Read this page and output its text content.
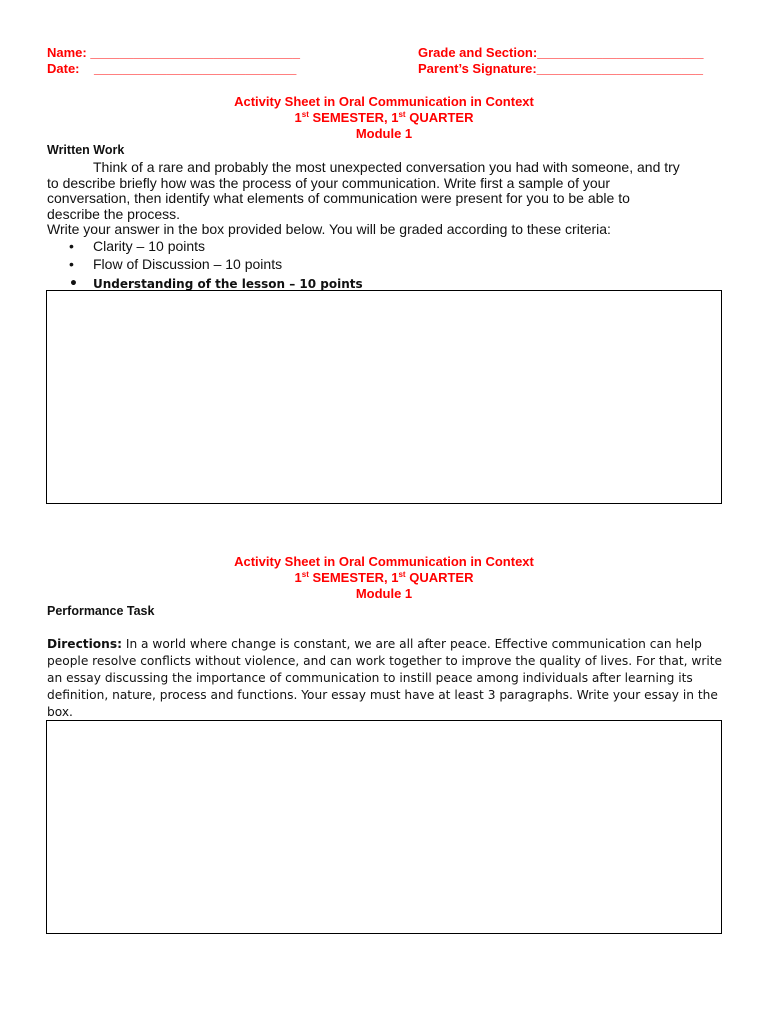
Name: _____________________________
Date:    ____________________________
Grade and Section:_______________________
Parent’s Signature:_______________________
Activity Sheet in Oral Communication in Context
1st SEMESTER, 1st QUARTER
Module 1
Written Work
Think of a rare and probably the most unexpected conversation you had with someone, and try
to describe briefly how was the process of your communication. Write first a sample of your
conversation, then identify what elements of communication were present for you to be able to
describe the process.
Write your answer in the box provided below. You will be graded according to these criteria:
• Clarity – 10 points
• Flow of Discussion – 10 points
• Understanding of the lesson – 10 points
Activity Sheet in Oral Communication in Context
1st SEMESTER, 1st QUARTER
Module 1
Performance Task
Directions: In a world where change is constant, we are all after peace. Effective communication can help
people resolve conflicts without violence, and can work together to improve the quality of lives. For that, write
an essay discussing the importance of communication to instill peace among individuals after learning its
definition, nature, process and functions. Your essay must have at least 3 paragraphs. Write your essay in the
box.
